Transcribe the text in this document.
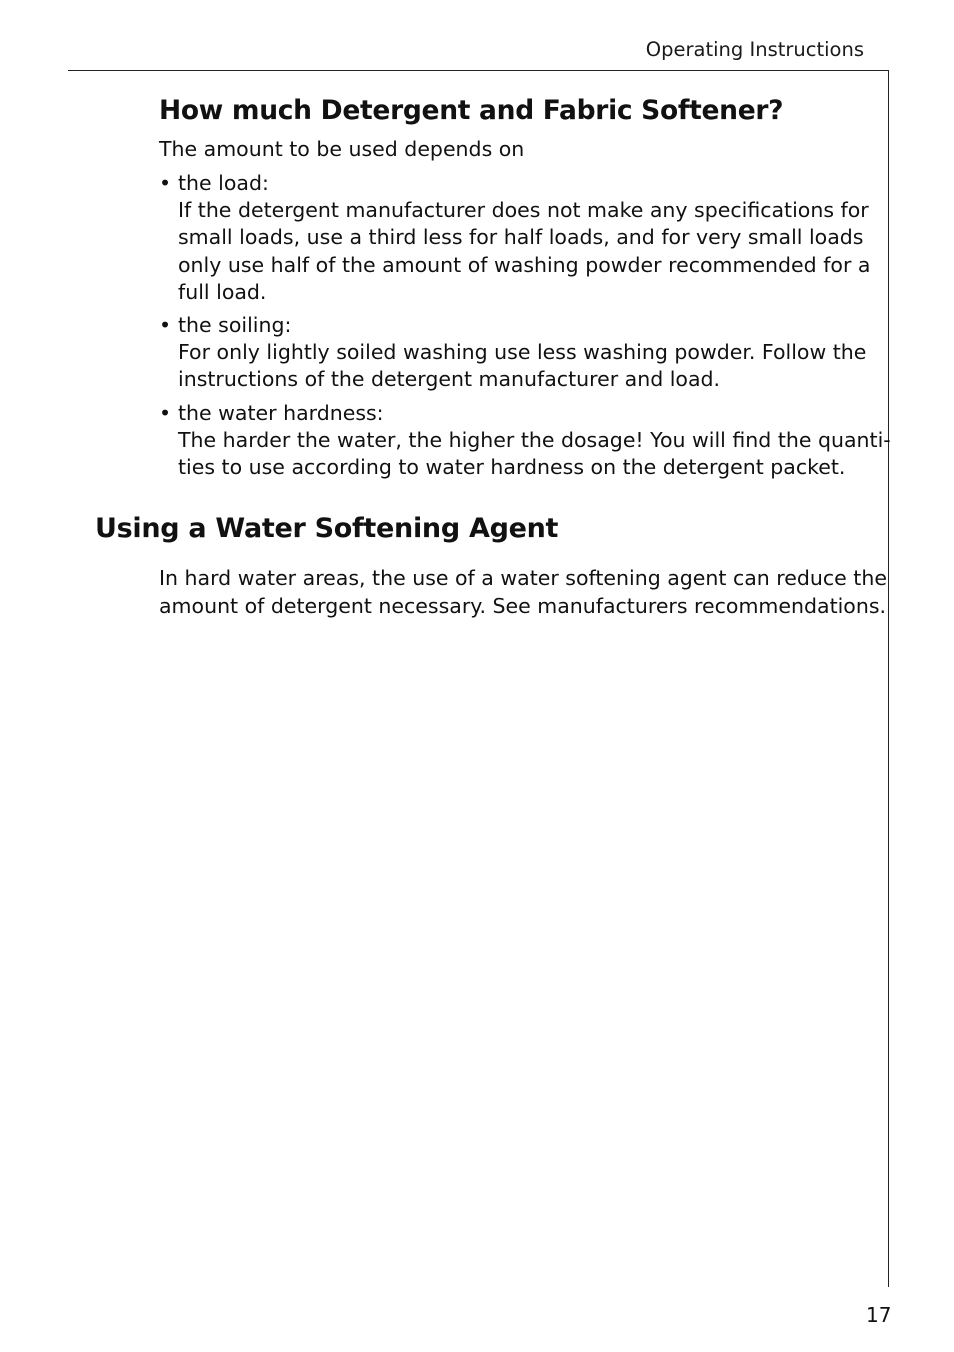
Operating Instructions
How much Detergent and Fabric Softener?
The amount to be used depends on
• the load:
If the detergent manufacturer does not make any specifications for
small loads, use a third less for half loads, and for very small loads
only use half of the amount of washing powder recommended for a
full load.
• the soiling:
For only lightly soiled washing use less washing powder. Follow the
instructions of the detergent manufacturer and load.
• the water hardness:
The harder the water, the higher the dosage! You will find the quanti-
ties to use according to water hardness on the detergent packet.
Using a Water Softening Agent
In hard water areas, the use of a water softening agent can reduce the
amount of detergent necessary. See manufacturers recommendations.
17
